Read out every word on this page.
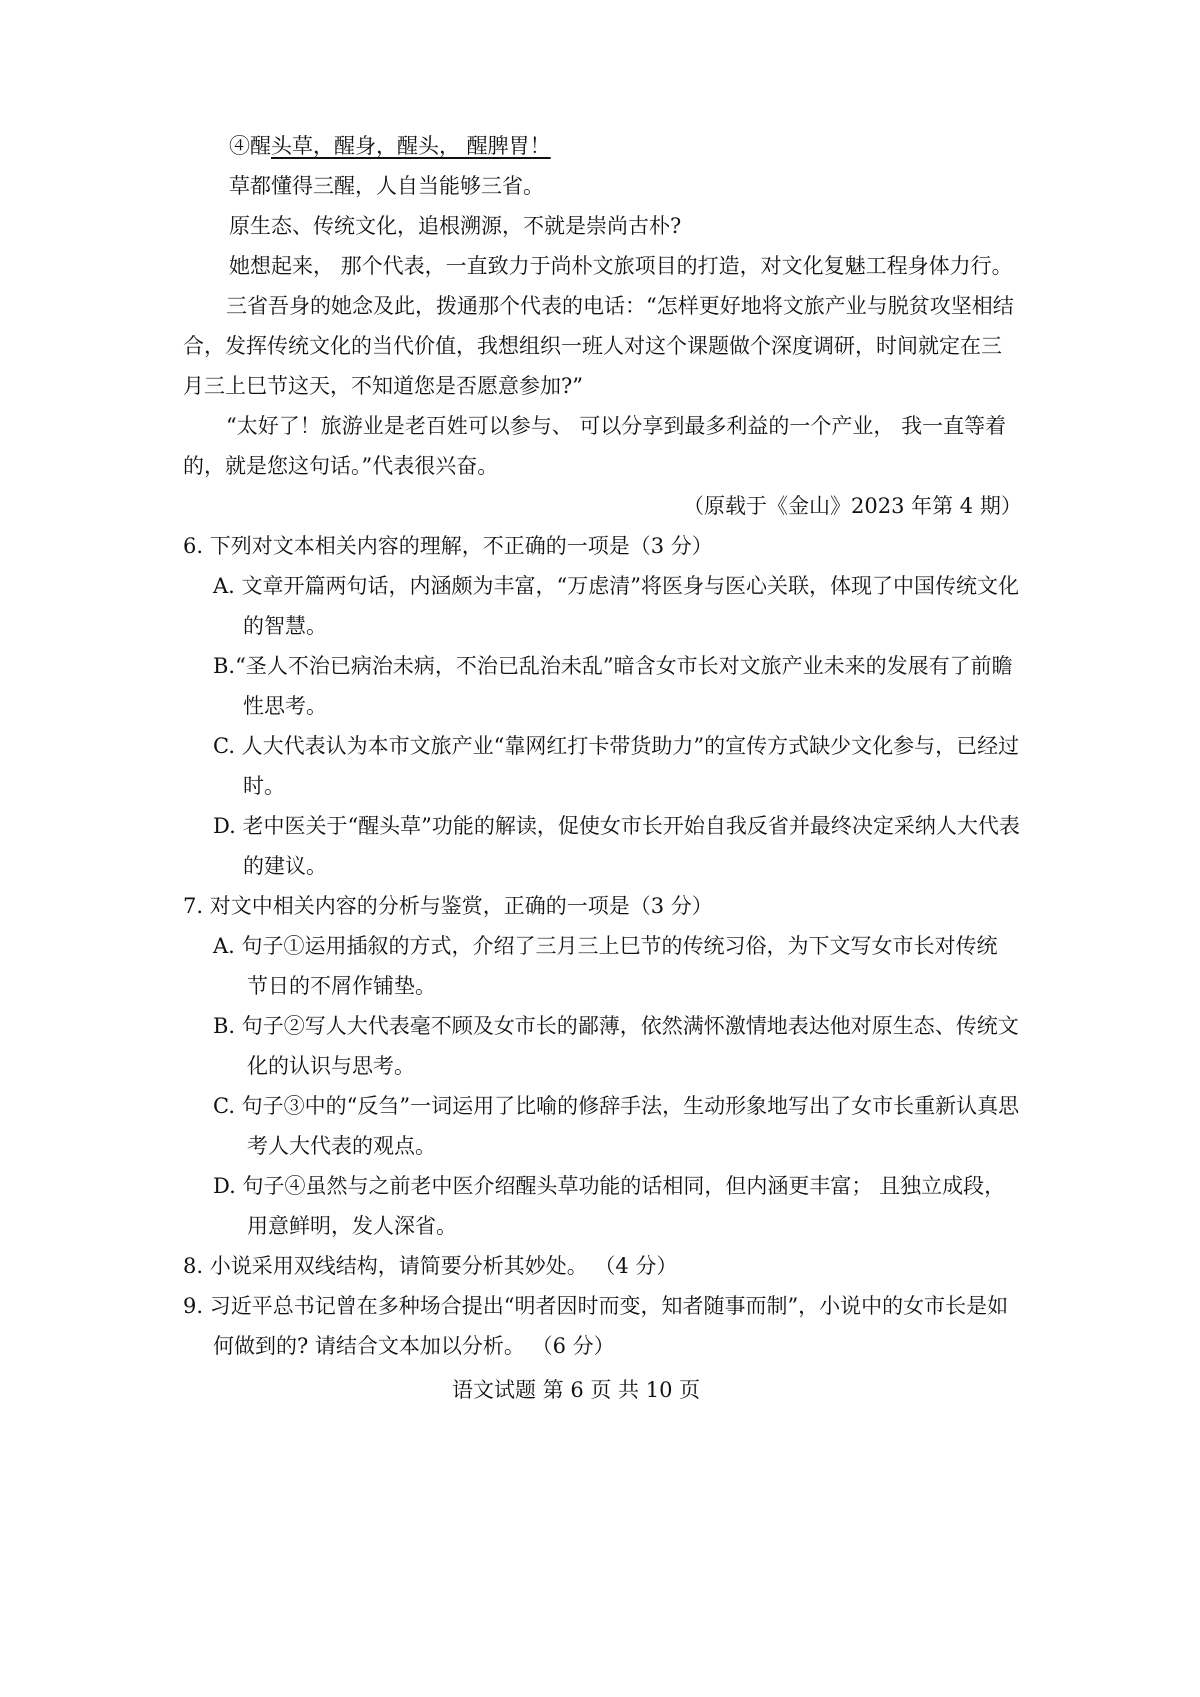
④醒头草，醒身，醒头， 醒脾胃！
草都懂得三醒，人自当能够三省。
原生态、传统文化，追根溯源，不就是崇尚古朴?
她想起来， 那个代表，一直致力于尚朴文旅项目的打造，对文化复魅工程身体力行。
三省吾身的她念及此，拨通那个代表的电话：“怎样更好地将文旅产业与脱贫攻坚相结
合，发挥传统文化的当代价值，我想组织一班人对这个课题做个深度调研，时间就定在三
月三上巳节这天，不知道您是否愿意参加?”
“太好了！旅游业是老百姓可以参与、 可以分享到最多利益的一个产业， 我一直等着
的，就是您这句话。”代表很兴奋。
（原载于《金山》2023 年第 4 期）
6. 下列对文本相关内容的理解，不正确的一项是（3 分）
A. 文章开篇两句话，内涵颇为丰富，“万虑清”将医身与医心关联，体现了中国传统文化
的智慧。
B.“圣人不治已病治未病，不治已乱治未乱”暗含女市长对文旅产业未来的发展有了前瞻
性思考。
C. 人大代表认为本市文旅产业“靠网红打卡带货助力”的宣传方式缺少文化参与，已经过
时。
D. 老中医关于“醒头草”功能的解读，促使女市长开始自我反省并最终决定采纳人大代表
的建议。
7. 对文中相关内容的分析与鉴赏，正确的一项是（3 分）
A. 句子①运用插叙的方式，介绍了三月三上巳节的传统习俗，为下文写女市长对传统
节日的不屑作铺垫。
B. 句子②写人大代表毫不顾及女市长的鄙薄，依然满怀激情地表达他对原生态、传统文
化的认识与思考。
C. 句子③中的“反刍”一词运用了比喻的修辞手法，生动形象地写出了女市长重新认真思
考人大代表的观点。
D. 句子④虽然与之前老中医介绍醒头草功能的话相同，但内涵更丰富； 且独立成段，
用意鲜明，发人深省。
8. 小说采用双线结构，请简要分析其妙处。 （4 分）
9. 习近平总书记曾在多种场合提出“明者因时而变，知者随事而制”，小说中的女市长是如
何做到的? 请结合文本加以分析。 （6 分）
语文试题 第 6 页 共 10 页
